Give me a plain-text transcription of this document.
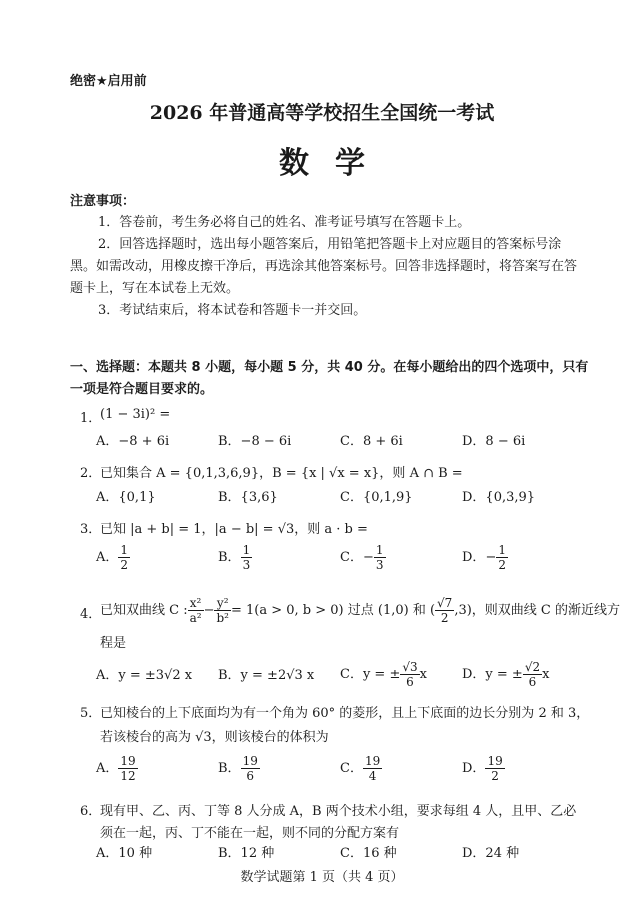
绝密★启用前
2026 年普通高等学校招生全国统一考试
数学
注意事项：
1．答卷前，考生务必将自己的姓名、准考证号填写在答题卡上。
2．回答选择题时，选出每小题答案后，用铅笔把答题卡上对应题目的答案标号涂黑。如需改动，用橡皮擦干净后，再选涂其他答案标号。回答非选择题时，将答案写在答题卡上，写在本试卷上无效。
3．考试结束后，将本试卷和答题卡一并交回。
一、选择题：本题共 8 小题，每小题 5 分，共 40 分。在每小题给出的四个选项中，只有一项是符合题目要求的。
1．
(1 − 3i)² =
A．−8 + 6i	B．−8 − 6i	C．8 + 6i	D．8 − 6i
2．
已知集合 A = {0,1,3,6,9}，B = {x | √x = x}，则 A ∩ B =
A．{0,1}	B．{3,6}	C．{0,1,9}	D．{0,3,9}
3．
已知 |a + b| = 1，|a − b| = √3，则 a · b =
A． $\frac{1}{2}$	B． $\frac{1}{3}$	C．− $\frac{1}{3}$	D．− $\frac{1}{2}$
4．
已知双曲线 C : $\frac{\text{x²}}{\text{a²}} - \frac{\text{y²}}{\text{b²}} = 1(a > 0$, b > 0) 过点 (1,0) 和 ( $\frac{√7}{2} ,3$)，则双曲线 C 的渐近线方
程是
A．y = ±3√2 x B．y = ±2√3 x C．y = ± $\frac{√3}{6}$ x	D．y = ± $\frac{√2}{6}$ x
5．
已知棱台的上下底面均为有一个角为 60° 的菱形，且上下底面的边长分别为 2 和 3，
若该棱台的高为 √3，则该棱台的体积为
A． $\frac{19}{12}$	B． $\frac{19}{6}$	C． $\frac{19}{4}$	D． $\frac{19}{2}$
6．
现有甲、乙、丙、丁等 8 人分成 A，B 两个技术小组，要求每组 4 人，且甲、乙必
须在一起，丙、丁不能在一起，则不同的分配方案有
A．10 种	B．12 种	C．16 种	D．24 种
数学试题第 1 页（共 4 页）
